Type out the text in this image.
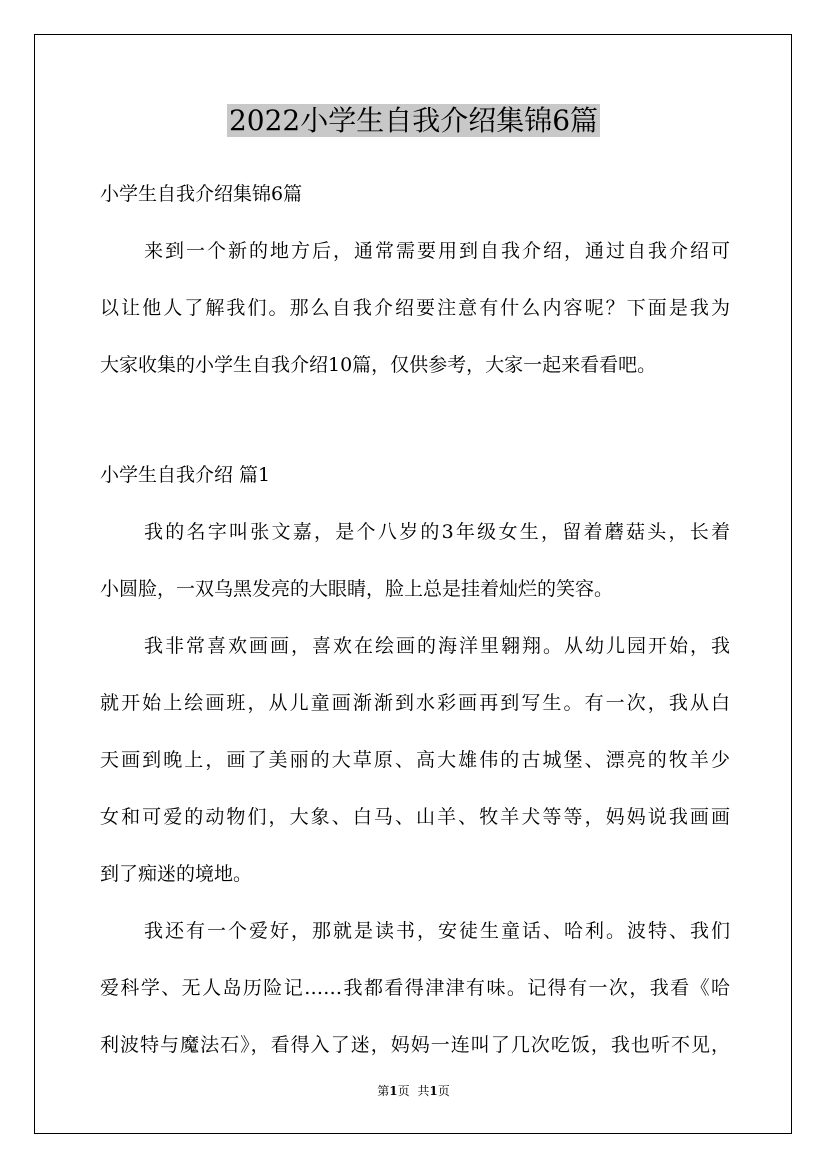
2022小学生自我介绍集锦6篇
小学生自我介绍集锦6篇
来到一个新的地方后，通常需要用到自我介绍，通过自我介绍可
以让他人了解我们。那么自我介绍要注意有什么内容呢？下面是我为
大家收集的小学生自我介绍10篇，仅供参考，大家一起来看看吧。
小学生自我介绍 篇1
我的名字叫张文嘉，是个八岁的3年级女生，留着蘑菇头，长着
小圆脸，一双乌黑发亮的大眼睛，脸上总是挂着灿烂的笑容。
我非常喜欢画画，喜欢在绘画的海洋里翱翔。从幼儿园开始，我
就开始上绘画班，从儿童画渐渐到水彩画再到写生。有一次，我从白
天画到晚上，画了美丽的大草原、高大雄伟的古城堡、漂亮的牧羊少
女和可爱的动物们，大象、白马、山羊、牧羊犬等等，妈妈说我画画
到了痴迷的境地。
我还有一个爱好，那就是读书，安徒生童话、哈利。波特、我们
爱科学、无人岛历险记……我都看得津津有味。记得有一次，我看《哈
利波特与魔法石》，看得入了迷，妈妈一连叫了几次吃饭，我也听不见，
第1页 共1页
